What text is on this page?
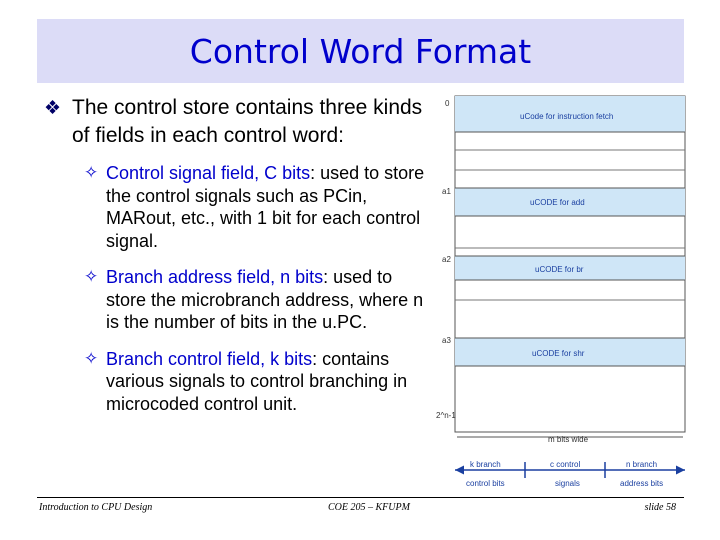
Control Word Format
❖ The control store contains three kinds of fields in each control word:
✧ Control signal field, C bits: used to store the control signals such as PCin, MARout, etc., with 1 bit for each control signal.
✧ Branch address field, n bits: used to store the microbranch address, where n is the number of bits in the u.PC.
✧ Branch control field, k bits: contains various signals to control branching in microcoded control unit.
uCode for instruction fetch
uCODE for add
uCODE for br
uCODE for shr
0
a1
a2
a3
2^n-1
m bits wide
k branch
control bits
c control
signals
n branch
address bits
Introduction to CPU Design	COE 205 – KFUPM	slide 58
